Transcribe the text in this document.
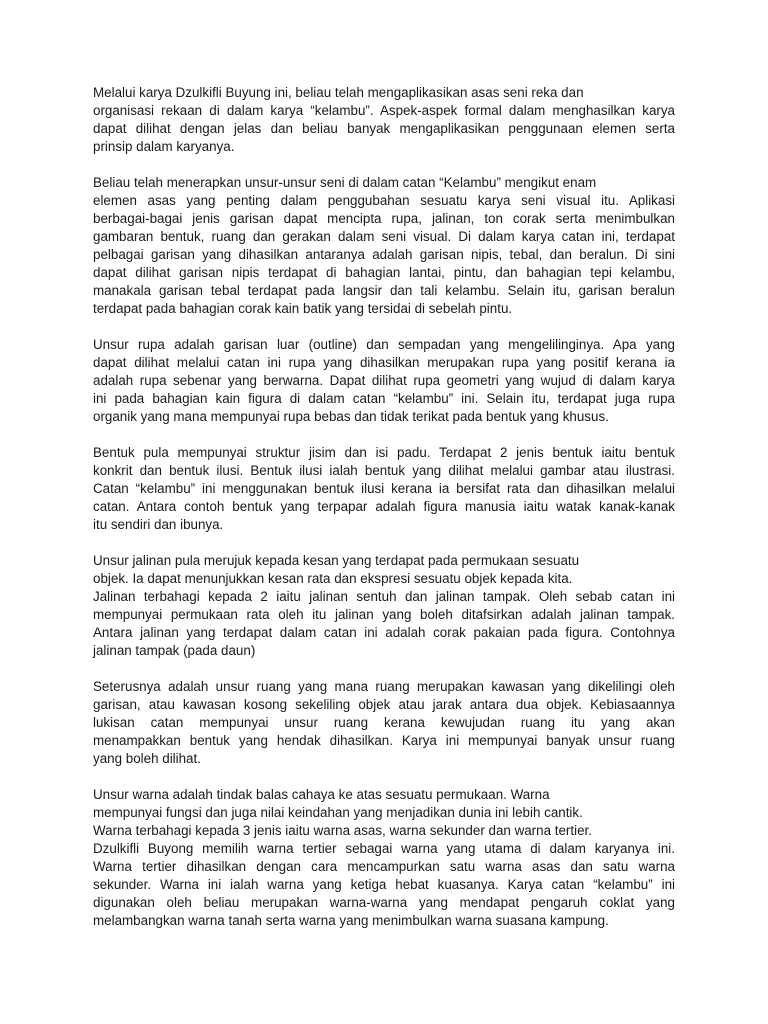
Melalui karya Dzulkifli Buyung ini, beliau telah mengaplikasikan asas seni reka dan
organisasi rekaan di dalam karya “kelambu”. Aspek-aspek formal dalam menghasilkan karya
dapat dilihat dengan jelas dan beliau banyak mengaplikasikan penggunaan elemen serta
prinsip dalam karyanya.
Beliau telah menerapkan unsur-unsur seni di dalam catan “Kelambu” mengikut enam
elemen asas yang penting dalam penggubahan sesuatu karya seni visual itu. Aplikasi
berbagai-bagai jenis garisan dapat mencipta rupa, jalinan, ton corak serta menimbulkan
gambaran bentuk, ruang dan gerakan dalam seni visual. Di dalam karya catan ini, terdapat
pelbagai garisan yang dihasilkan antaranya adalah garisan nipis, tebal, dan beralun. Di sini
dapat dilihat garisan nipis terdapat di bahagian lantai, pintu, dan bahagian tepi kelambu,
manakala garisan tebal terdapat pada langsir dan tali kelambu. Selain itu, garisan beralun
terdapat pada bahagian corak kain batik yang tersidai di sebelah pintu.
Unsur rupa adalah garisan luar (outline) dan sempadan yang mengelilinginya. Apa yang
dapat dilihat melalui catan ini rupa yang dihasilkan merupakan rupa yang positif kerana ia
adalah rupa sebenar yang berwarna. Dapat dilihat rupa geometri yang wujud di dalam karya
ini pada bahagian kain figura di dalam catan “kelambu” ini. Selain itu, terdapat juga rupa
organik yang mana mempunyai rupa bebas dan tidak terikat pada bentuk yang khusus.
Bentuk pula mempunyai struktur jisim dan isi padu. Terdapat 2 jenis bentuk iaitu bentuk
konkrit dan bentuk ilusi. Bentuk ilusi ialah bentuk yang dilihat melalui gambar atau ilustrasi.
Catan “kelambu” ini menggunakan bentuk ilusi kerana ia bersifat rata dan dihasilkan melalui
catan. Antara contoh bentuk yang terpapar adalah figura manusia iaitu watak kanak-kanak
itu sendiri dan ibunya.
Unsur jalinan pula merujuk kepada kesan yang terdapat pada permukaan sesuatu
objek. Ia dapat menunjukkan kesan rata dan ekspresi sesuatu objek kepada kita.
Jalinan terbahagi kepada 2 iaitu jalinan sentuh dan jalinan tampak. Oleh sebab catan ini
mempunyai permukaan rata oleh itu jalinan yang boleh ditafsirkan adalah jalinan tampak.
Antara jalinan yang terdapat dalam catan ini adalah corak pakaian pada figura. Contohnya
jalinan tampak (pada daun)
Seterusnya adalah unsur ruang yang mana ruang merupakan kawasan yang dikelilingi oleh
garisan, atau kawasan kosong sekeliling objek atau jarak antara dua objek. Kebiasaannya
lukisan catan mempunyai unsur ruang kerana kewujudan ruang itu yang akan
menampakkan bentuk yang hendak dihasilkan. Karya ini mempunyai banyak unsur ruang
yang boleh dilihat.
Unsur warna adalah tindak balas cahaya ke atas sesuatu permukaan. Warna
mempunyai fungsi dan juga nilai keindahan yang menjadikan dunia ini lebih cantik.
Warna terbahagi kepada 3 jenis iaitu warna asas, warna sekunder dan warna tertier.
Dzulkifli Buyong memilih warna tertier sebagai warna yang utama di dalam karyanya ini.
Warna tertier dihasilkan dengan cara mencampurkan satu warna asas dan satu warna
sekunder. Warna ini ialah warna yang ketiga hebat kuasanya. Karya catan “kelambu” ini
digunakan oleh beliau merupakan warna-warna yang mendapat pengaruh coklat yang
melambangkan warna tanah serta warna yang menimbulkan warna suasana kampung.
